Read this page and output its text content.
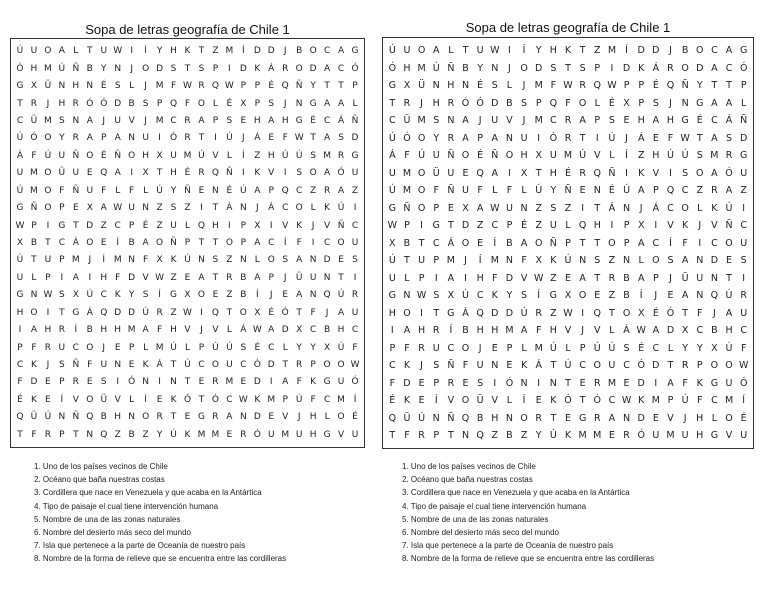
Sopa de letras geografía de Chile 1
Ú U O A L T U W I	Í	Y H K T Z M Í	D D	J	B O C A G
Ó H M Ú Ñ B Y N	J	O D S T S P	I	D K Á R O D A C Ó
G X Ü N H N É S L	J M F W R Q W P P É Q Ñ Y T T P
T R	J	H R Ó Ó D B S P Q F O L É X P S	J	N G A A L
C Ü M S N A	J	U V	J M C R A P S E H A H G É C Á Ñ
Ú Ó O Y R A P A N U	I	Ó R T	I	Ú	J	Á E F W T A S D
Á F Ú U Ñ O É Ñ O H X U M Ú V L	Í	Z H Ú Ú S M R G
U M O Ü U E Q A	I	X T H É R Q Ñ	I	K V	I	S O A Ó U
Ú M O F Ñ U F L F L Ú Y Ñ E N É Ú A P Q C Z R A Z
G Ñ O P E X A W U N Z S Z	I	T Á N	J	Á C O L K Ú	I
W P	I	G T D Z C P É Z U L Q H	I	P X	I	V K	J	V Ñ C
X B T C Á O E	Í	B A O Ñ P T T O P A C	Í	F	I	C O U
Ú T U P M J	Í M N F X K Ú N S Z N L O S A N D E S
U L P	I	A	I	H F D V W Z E A T R B A P	J	Ü U N T	I
G N W S X Ú C K Y S	Í	G X O E Z B	Í	J	E A N Q Ú R
H O	I	T G Á Q D D Ú R Z W I	Q T O X É Ó T F	J	A U
I	A H R	Í	B H H M A F H V	J	V L Á W A D X C B H C
P F R U C O	J	E P L M Ú L P Ú Ú S É C L Y Y X Ú F
C K	J	S Ñ F U N E K Á T Ú C O U C Ó D T R P O O W
F D E P R E S	I	Ó N	I	N T E R M E D	I	A F K G U Ó
É K E	Í	V O Ü V L	Í	E K Ó T Ó C W K M P Ú F C M Í
Q Ü Ú N Ñ Q B H N O R T E G R A N D E V	J	H L O É
T F R P T N Q Z B Z Y Ú K M M E R Ó U M U H G V U
1. Uno de los países vecinos de Chile
2. Océano que baña nuestras costas
3. Cordillera que nace en Venezuela y que acaba en la Antártica
4. Tipo de paisaje el cual tiene intervención humana
5. Nombre de una de las zonas naturales
6. Nombre del desierto más seco del mundo
7. Isla que pertenece a la parte de Oceanía de nuestro país
8. Nombre de la forma de relieve que se encuentra entre las cordilleras
Sopa de letras geografía de Chile 1
Ú U O A L T U W I	Í	Y H K T Z M Í	D D	J	B O C A G
Ó H M Ú Ñ B Y N	J	O D S T S P	I	D K Á R O D A C Ó
G X Ü N H N É S L	J M F W R Q W P P É Q Ñ Y T T P
T R	J	H R Ó Ó D B S P Q F O L É X P S	J	N G A A L
C Ü M S N A	J	U V	J M C R A P S E H A H G É C Á Ñ
Ú Ó O Y R A P A N U	I	Ó R T	I	Ú	J	Á E F W T A S D
Á F Ú U Ñ O É Ñ O H X U M Ú V L	Í	Z H Ú Ú S M R G
U M O Ü U E Q A	I	X T H É R Q Ñ	I	K V	I	S O A Ó U
Ú M O F Ñ U F L F L Ú Y Ñ E N É Ú A P Q C Z R A Z
G Ñ O P E X A W U N Z S Z	I	T Á N	J	Á C O L K Ú	I
W P	I	G T D Z C P É Z U L Q H	I	P X	I	V K	J	V Ñ C
X B T C Á O E	Í	B A O Ñ P T T O P A C	Í	F	I	C O U
Ú T U P M J	Í M N F X K Ú N S Z N L O S A N D E S
U L P	I	A	I	H F D V W Z E A T R B A P	J	Ü U N T	I
G N W S X Ú C K Y S	Í	G X O E Z B	Í	J	E A N Q Ú R
H O I	T G Á Q D D Ú R Z W I	Q T O X É Ó T F	J	A U
I	A H R	Í	B H H M A F H V	J	V L Á W A D X C B H C
P F R U C O J	E P L M Ú L P Ú Ú S É C L Y Y X Ú F
C K	J	S Ñ F U N E K Á T Ú C O U C Ó D T R P O O W
F D E P R E S	I	Ó N	I	N T E R M E D	I	A F K G U Ó
É K E	Í	V O Ü V L	Í	E K Ó T Ó C W K M P Ú F C M Í
Q Ü Ú N Ñ Q B H N O R T E G R A N D E V	J	H L O É
T F R P T N Q Z B Z Y Ú K M M E R Ó U M U H G V U
1. Uno de los países vecinos de Chile
2. Océano que baña nuestras costas
3. Cordillera que nace en Venezuela y que acaba en la Antártica
4. Tipo de paisaje el cual tiene intervención humana
5. Nombre de una de las zonas naturales
6. Nombre del desierto más seco del mundo
7. Isla que pertenece a la parte de Oceanía de nuestro país
8. Nombre de la forma de relieve que se encuentra entre las cordilleras
